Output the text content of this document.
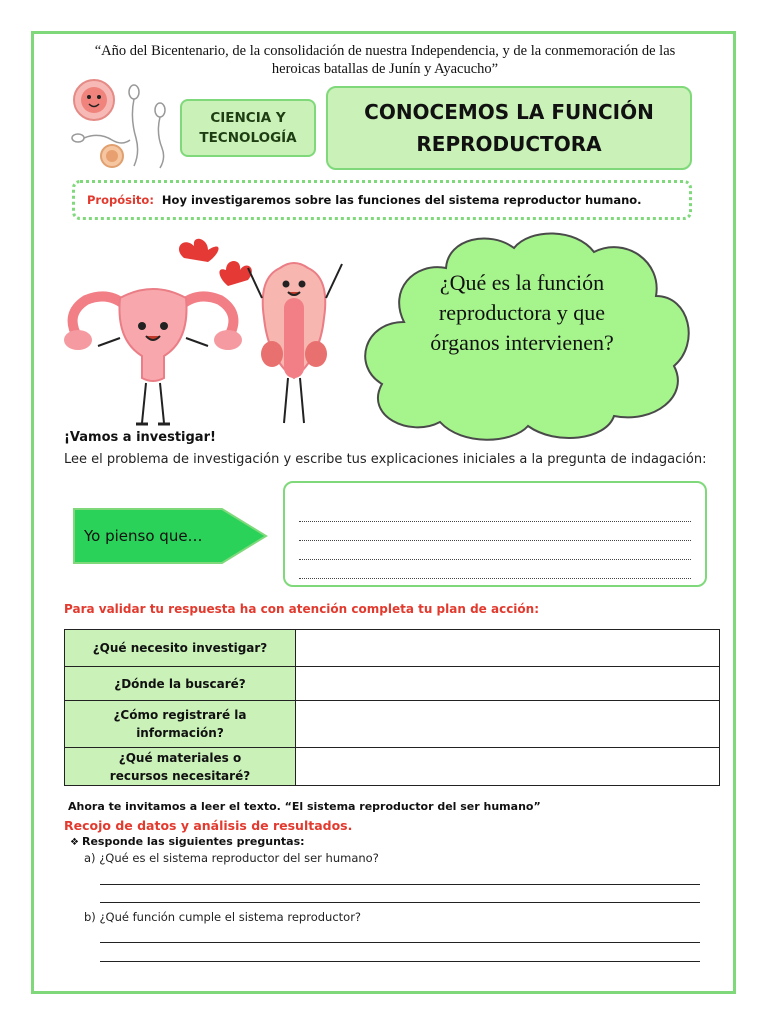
“Año del Bicentenario, de la consolidación de nuestra Independencia, y de la conmemoración de las
heroicas batallas de Junín y Ayacucho”
CIENCIA Y
TECNOLOGÍA
CONOCEMOS LA FUNCIÓN
REPRODUCTORA
Propósito: Hoy investigaremos sobre las funciones del sistema reproductor humano.
¿Qué es la función
reproductora y que
órganos intervienen?
¡Vamos a investigar!
Lee el problema de investigación y escribe tus explicaciones iniciales a la pregunta de indagación:
Yo pienso que…
Para validar tu respuesta ha con atención completa tu plan de acción:
¿Qué necesito investigar?	
¿Dónde la buscaré?	

¿Cómo registraré la
información?	

¿Qué materiales o
recursos necesitaré?	

Ahora te invitamos a leer el texto. “El sistema reproductor del ser humano”
Recojo de datos y análisis de resultados.
❖ Responde las siguientes preguntas:
a) ¿Qué es el sistema reproductor del ser humano?
b) ¿Qué función cumple el sistema reproductor?
